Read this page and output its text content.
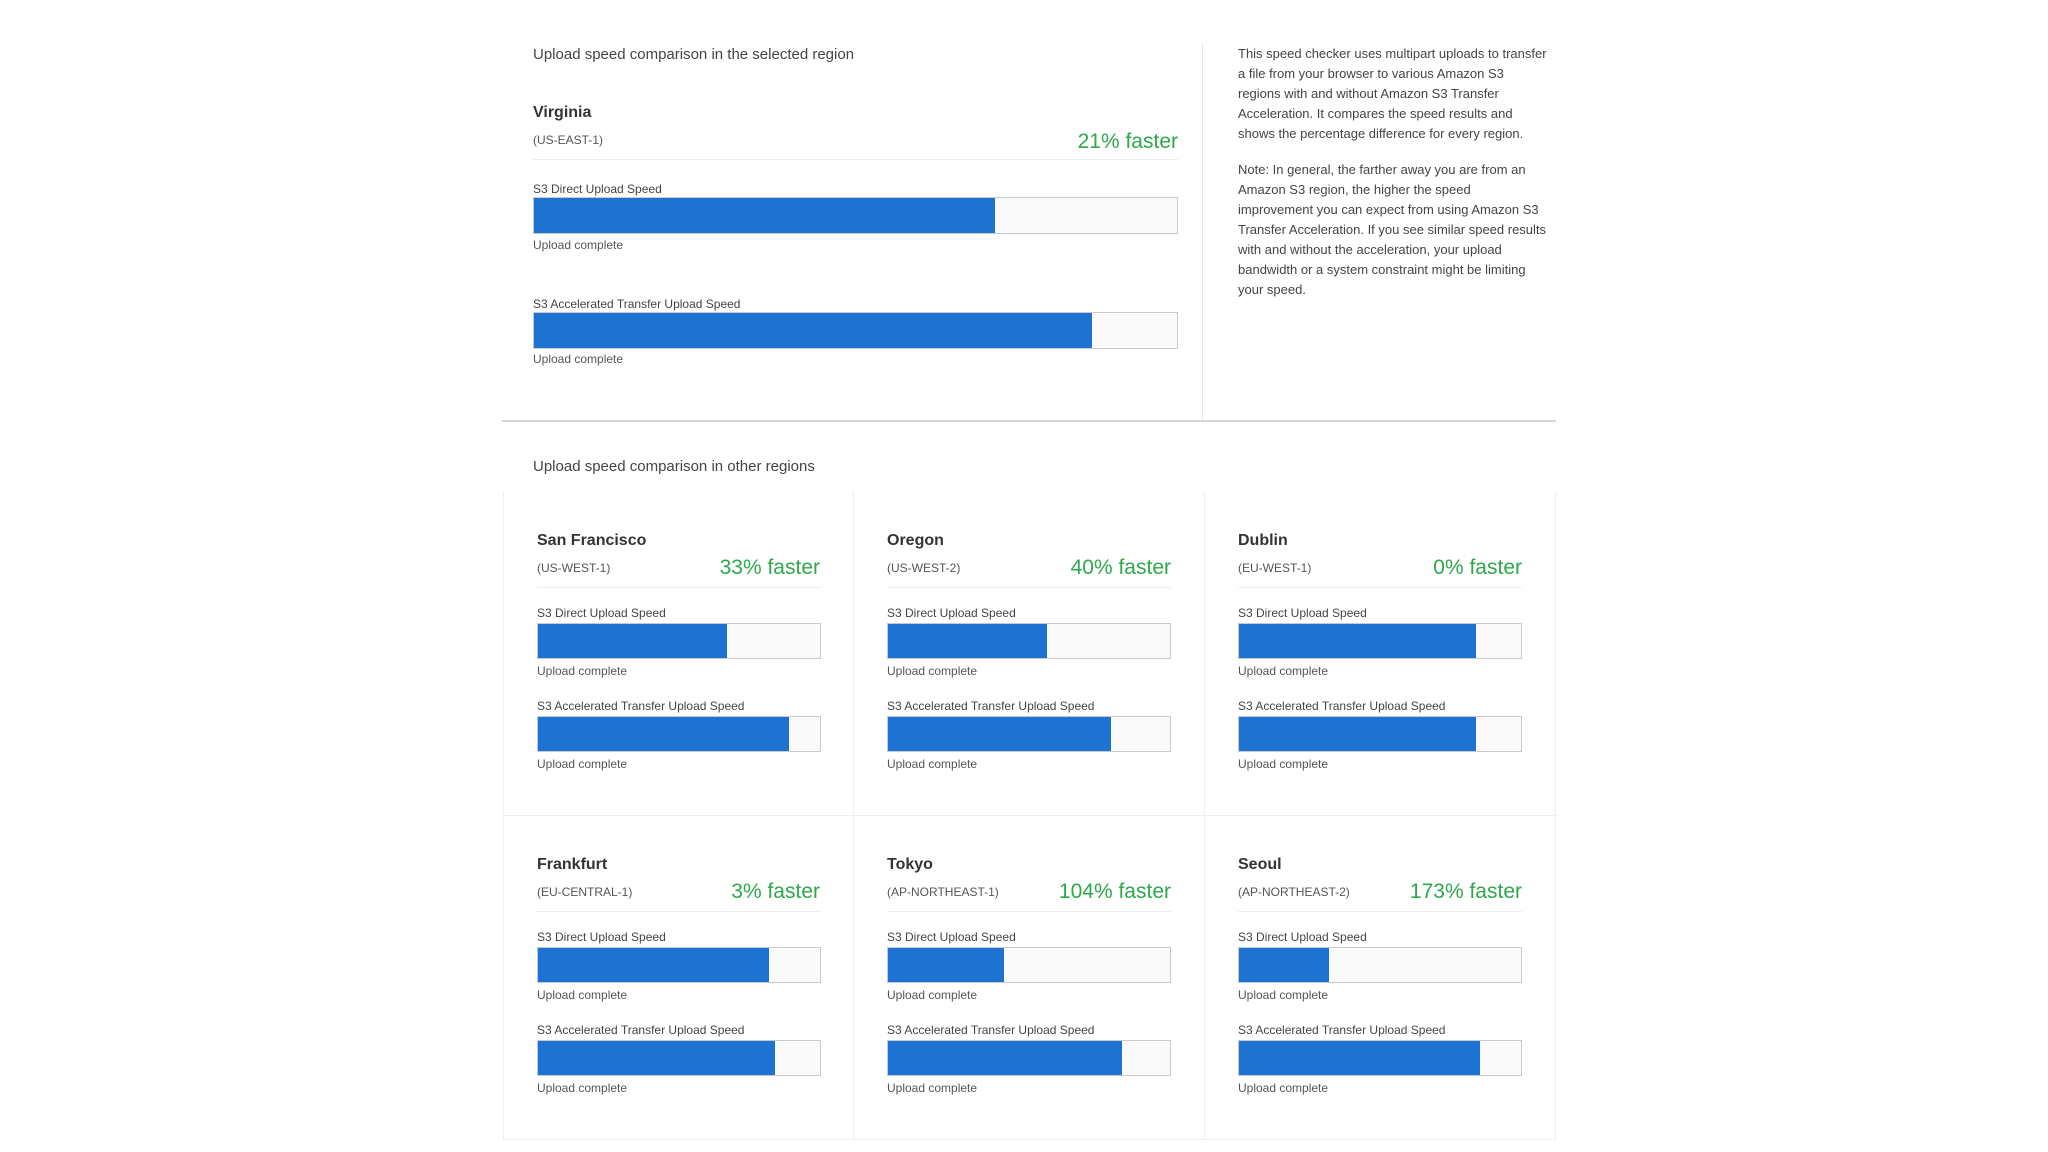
Upload speed comparison in the selected region
Virginia
(US-EAST-1)	21% faster
S3 Direct Upload Speed
Upload complete
S3 Accelerated Transfer Upload Speed
Upload complete

This speed checker uses multipart uploads to transfer a file from your browser to various Amazon S3 regions with and without Amazon S3 Transfer Acceleration. It compares the speed results and shows the percentage difference for every region.

Note: In general, the farther away you are from an Amazon S3 region, the higher the speed improvement you can expect from using Amazon S3 Transfer Acceleration. If you see similar speed results with and without the acceleration, your upload bandwidth or a system constraint might be limiting your speed.

Upload speed comparison in other regions
San Francisco
(US-WEST-1)	33% faster
S3 Direct Upload Speed
Upload complete
S3 Accelerated Transfer Upload Speed
Upload complete
Oregon
(US-WEST-2)	40% faster
S3 Direct Upload Speed
Upload complete
S3 Accelerated Transfer Upload Speed
Upload complete
Dublin
(EU-WEST-1)	0% faster
S3 Direct Upload Speed
Upload complete
S3 Accelerated Transfer Upload Speed
Upload complete
Frankfurt
(EU-CENTRAL-1)	3% faster
S3 Direct Upload Speed
Upload complete
S3 Accelerated Transfer Upload Speed
Upload complete
Tokyo
(AP-NORTHEAST-1)	104% faster
S3 Direct Upload Speed
Upload complete
S3 Accelerated Transfer Upload Speed
Upload complete
Seoul
(AP-NORTHEAST-2)	173% faster
S3 Direct Upload Speed
Upload complete
S3 Accelerated Transfer Upload Speed
Upload complete
